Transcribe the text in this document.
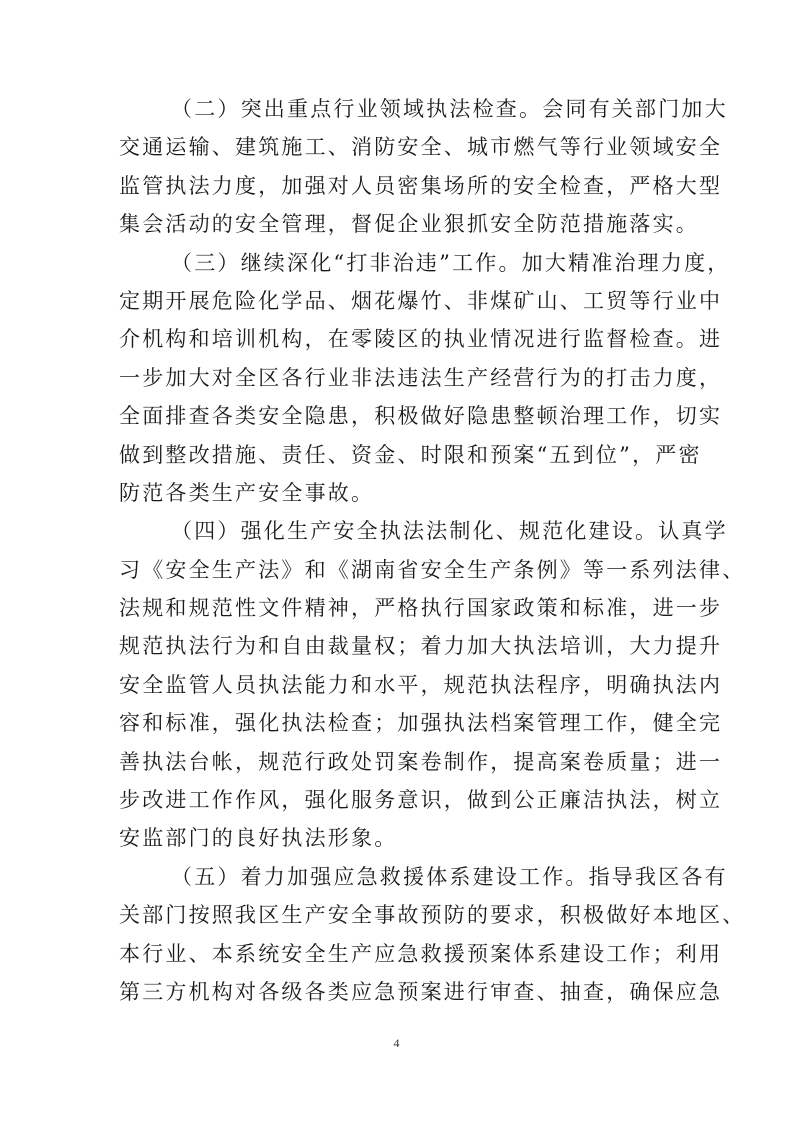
（二）突出重点行业领域执法检查。会同有关部门加大
交通运输、建筑施工、消防安全、城市燃气等行业领域安全
监管执法力度，加强对人员密集场所的安全检查，严格大型
集会活动的安全管理，督促企业狠抓安全防范措施落实。
（三）继续深化“打非治违”工作。加大精准治理力度，
定期开展危险化学品、烟花爆竹、非煤矿山、工贸等行业中
介机构和培训机构，在零陵区的执业情况进行监督检查。进
一步加大对全区各行业非法违法生产经营行为的打击力度，
全面排查各类安全隐患，积极做好隐患整顿治理工作，切实
做到整改措施、责任、资金、时限和预案“五到位”，严密
防范各类生产安全事故。
（四）强化生产安全执法法制化、规范化建设。认真学
习《安全生产法》和《湖南省安全生产条例》等一系列法律、
法规和规范性文件精神，严格执行国家政策和标准，进一步
规范执法行为和自由裁量权；着力加大执法培训，大力提升
安全监管人员执法能力和水平，规范执法程序，明确执法内
容和标准，强化执法检查；加强执法档案管理工作，健全完
善执法台帐，规范行政处罚案卷制作，提高案卷质量；进一
步改进工作作风，强化服务意识，做到公正廉洁执法，树立
安监部门的良好执法形象。
（五）着力加强应急救援体系建设工作。指导我区各有
关部门按照我区生产安全事故预防的要求，积极做好本地区、
本行业、本系统安全生产应急救援预案体系建设工作；利用
第三方机构对各级各类应急预案进行审查、抽查，确保应急
4
